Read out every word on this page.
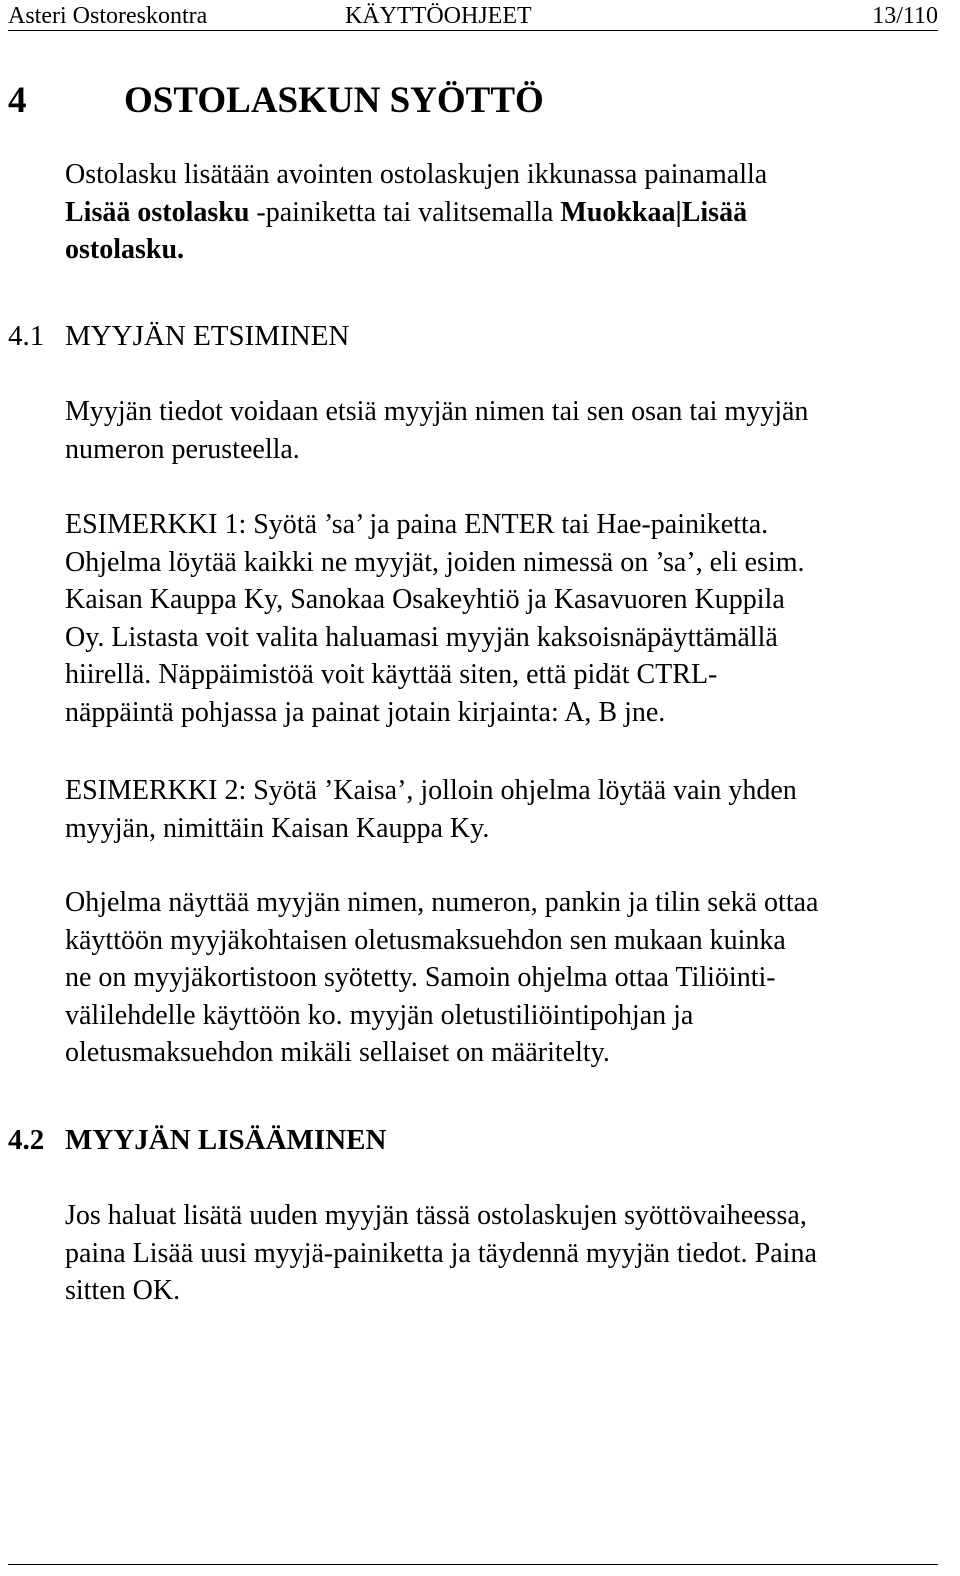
Asteri Ostoreskontra	KÄYTTÖOHJEET	13/110
4	OSTOLASKUN SYÖTTÖ

Ostolasku lisätään avointen ostolaskujen ikkunassa painamalla
Lisää ostolasku -painiketta tai valitsemalla Muokkaa|Lisää
ostolasku.

4.1 MYYJÄN ETSIMINEN

Myyjän tiedot voidaan etsiä myyjän nimen tai sen osan tai myyjän
numeron perusteella.

ESIMERKKI 1: Syötä ’sa’ ja paina ENTER tai Hae-painiketta.
Ohjelma löytää kaikki ne myyjät, joiden nimessä on ’sa’, eli esim.
Kaisan Kauppa Ky, Sanokaa Osakeyhtiö ja Kasavuoren Kuppila
Oy. Listasta voit valita haluamasi myyjän kaksoisnäpäyttämällä
hiirellä. Näppäimistöä voit käyttää siten, että pidät CTRL-
näppäintä pohjassa ja painat jotain kirjainta: A, B jne.

ESIMERKKI 2: Syötä ’Kaisa’, jolloin ohjelma löytää vain yhden
myyjän, nimittäin Kaisan Kauppa Ky.

Ohjelma näyttää myyjän nimen, numeron, pankin ja tilin sekä ottaa
käyttöön myyjäkohtaisen oletusmaksuehdon sen mukaan kuinka
ne on myyjäkortistoon syötetty. Samoin ohjelma ottaa Tiliöinti-
välilehdelle käyttöön ko. myyjän oletustiliöintipohjan ja
oletusmaksuehdon mikäli sellaiset on määritelty.

4.2 MYYJÄN LISÄÄMINEN

Jos haluat lisätä uuden myyjän tässä ostolaskujen syöttövaiheessa,
paina Lisää uusi myyjä-painiketta ja täydennä myyjän tiedot. Paina
sitten OK.
